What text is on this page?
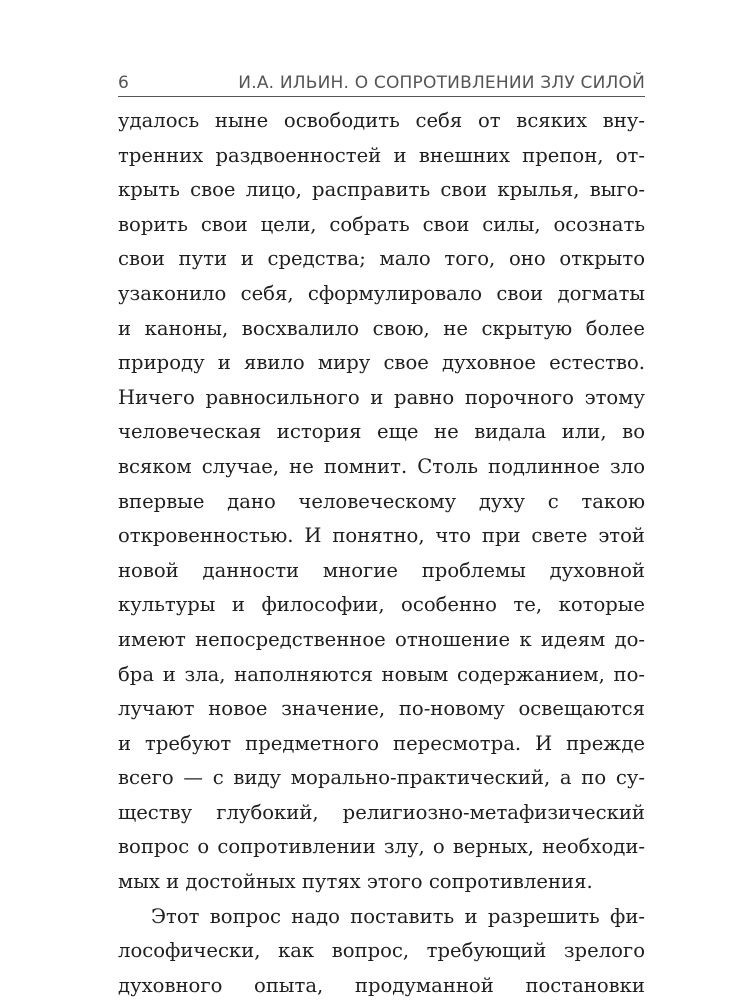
6	И.А. ИЛЬИН. О СОПРОТИВЛЕНИИ ЗЛУ СИЛОЙ
удалось ныне освободить себя от всяких вну-
тренних раздвоенностей и внешних препон, от-
крыть свое лицо, расправить свои крылья, выго-
ворить свои цели, собрать свои силы, осознать
свои пути и средства; мало того, оно открыто
узаконило себя, сформулировало свои догматы
и каноны, восхвалило свою, не скрытую более
природу и явило миру свое духовное естество.
Ничего равносильного и равно порочного этому
человеческая история еще не видала или, во
всяком случае, не помнит. Столь подлинное зло
впервые дано человеческому духу с такою
откровенностью. И понятно, что при свете этой
новой данности многие проблемы духовной
культуры и философии, особенно те, которые
имеют непосредственное отношение к идеям до-
бра и зла, наполняются новым содержанием, по-
лучают новое значение, по-новому освещаются
и требуют предметного пересмотра. И прежде
всего — с виду морально-практический, а по су-
ществу глубокий, религиозно-метафизический
вопрос о сопротивлении злу, о верных, необходи-
мых и достойных путях этого сопротивления.
Этот вопрос надо поставить и разрешить фи-
лософически, как вопрос, требующий зрелого
духовного опыта, продуманной постановки
